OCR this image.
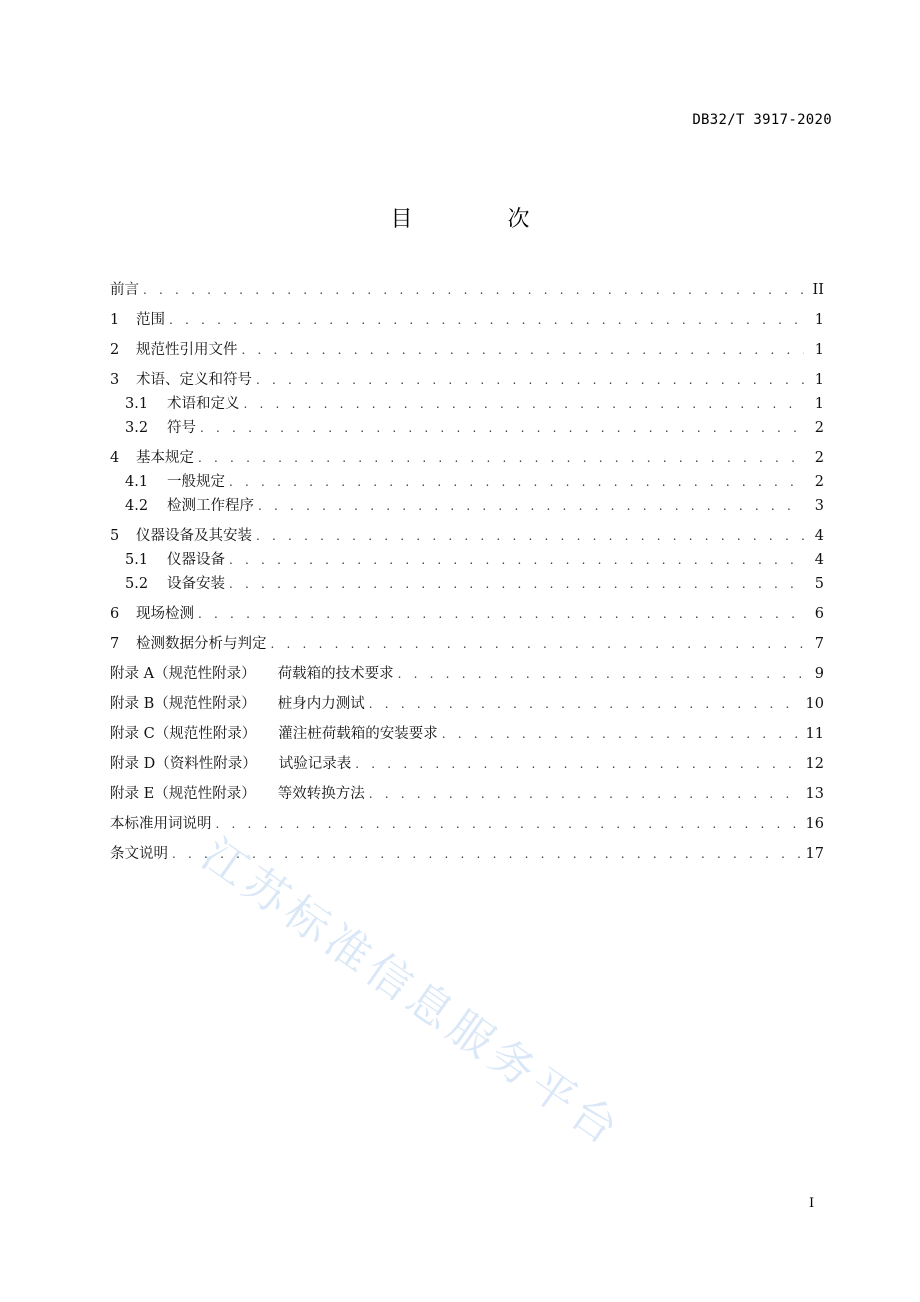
DB32/T 3917-2020
目 次
前言 . . .	II
1	范围 . . .	1
2	规范性引用文件 . . .	1
3	术语、定义和符号 . . .	1
3.1	术语和定义 . . .	1
3.2	符号 . . .	2
4	基本规定 . . .	2
4.1	一般规定 . . .	2
4.2	检测工作程序 . . .	3
5	仪器设备及其安装 . . .	4
5.1	仪器设备 . . .	4
5.2	设备安装 . . .	5
6	现场检测 . . .	6
7	检测数据分析与判定 . . .	7
附录 A（规范性附录） 荷载箱的技术要求 . . .	9
附录 B（规范性附录） 桩身内力测试 . . .	10
附录 C（规范性附录） 灌注桩荷载箱的安装要求 . . .	11
附录 D（资料性附录） 试验记录表 . . .	12
附录 E（规范性附录） 等效转换方法 . . .	13
本标准用词说明 . . .	16
条文说明 . . .	17
江苏标准信息服务平台
I
